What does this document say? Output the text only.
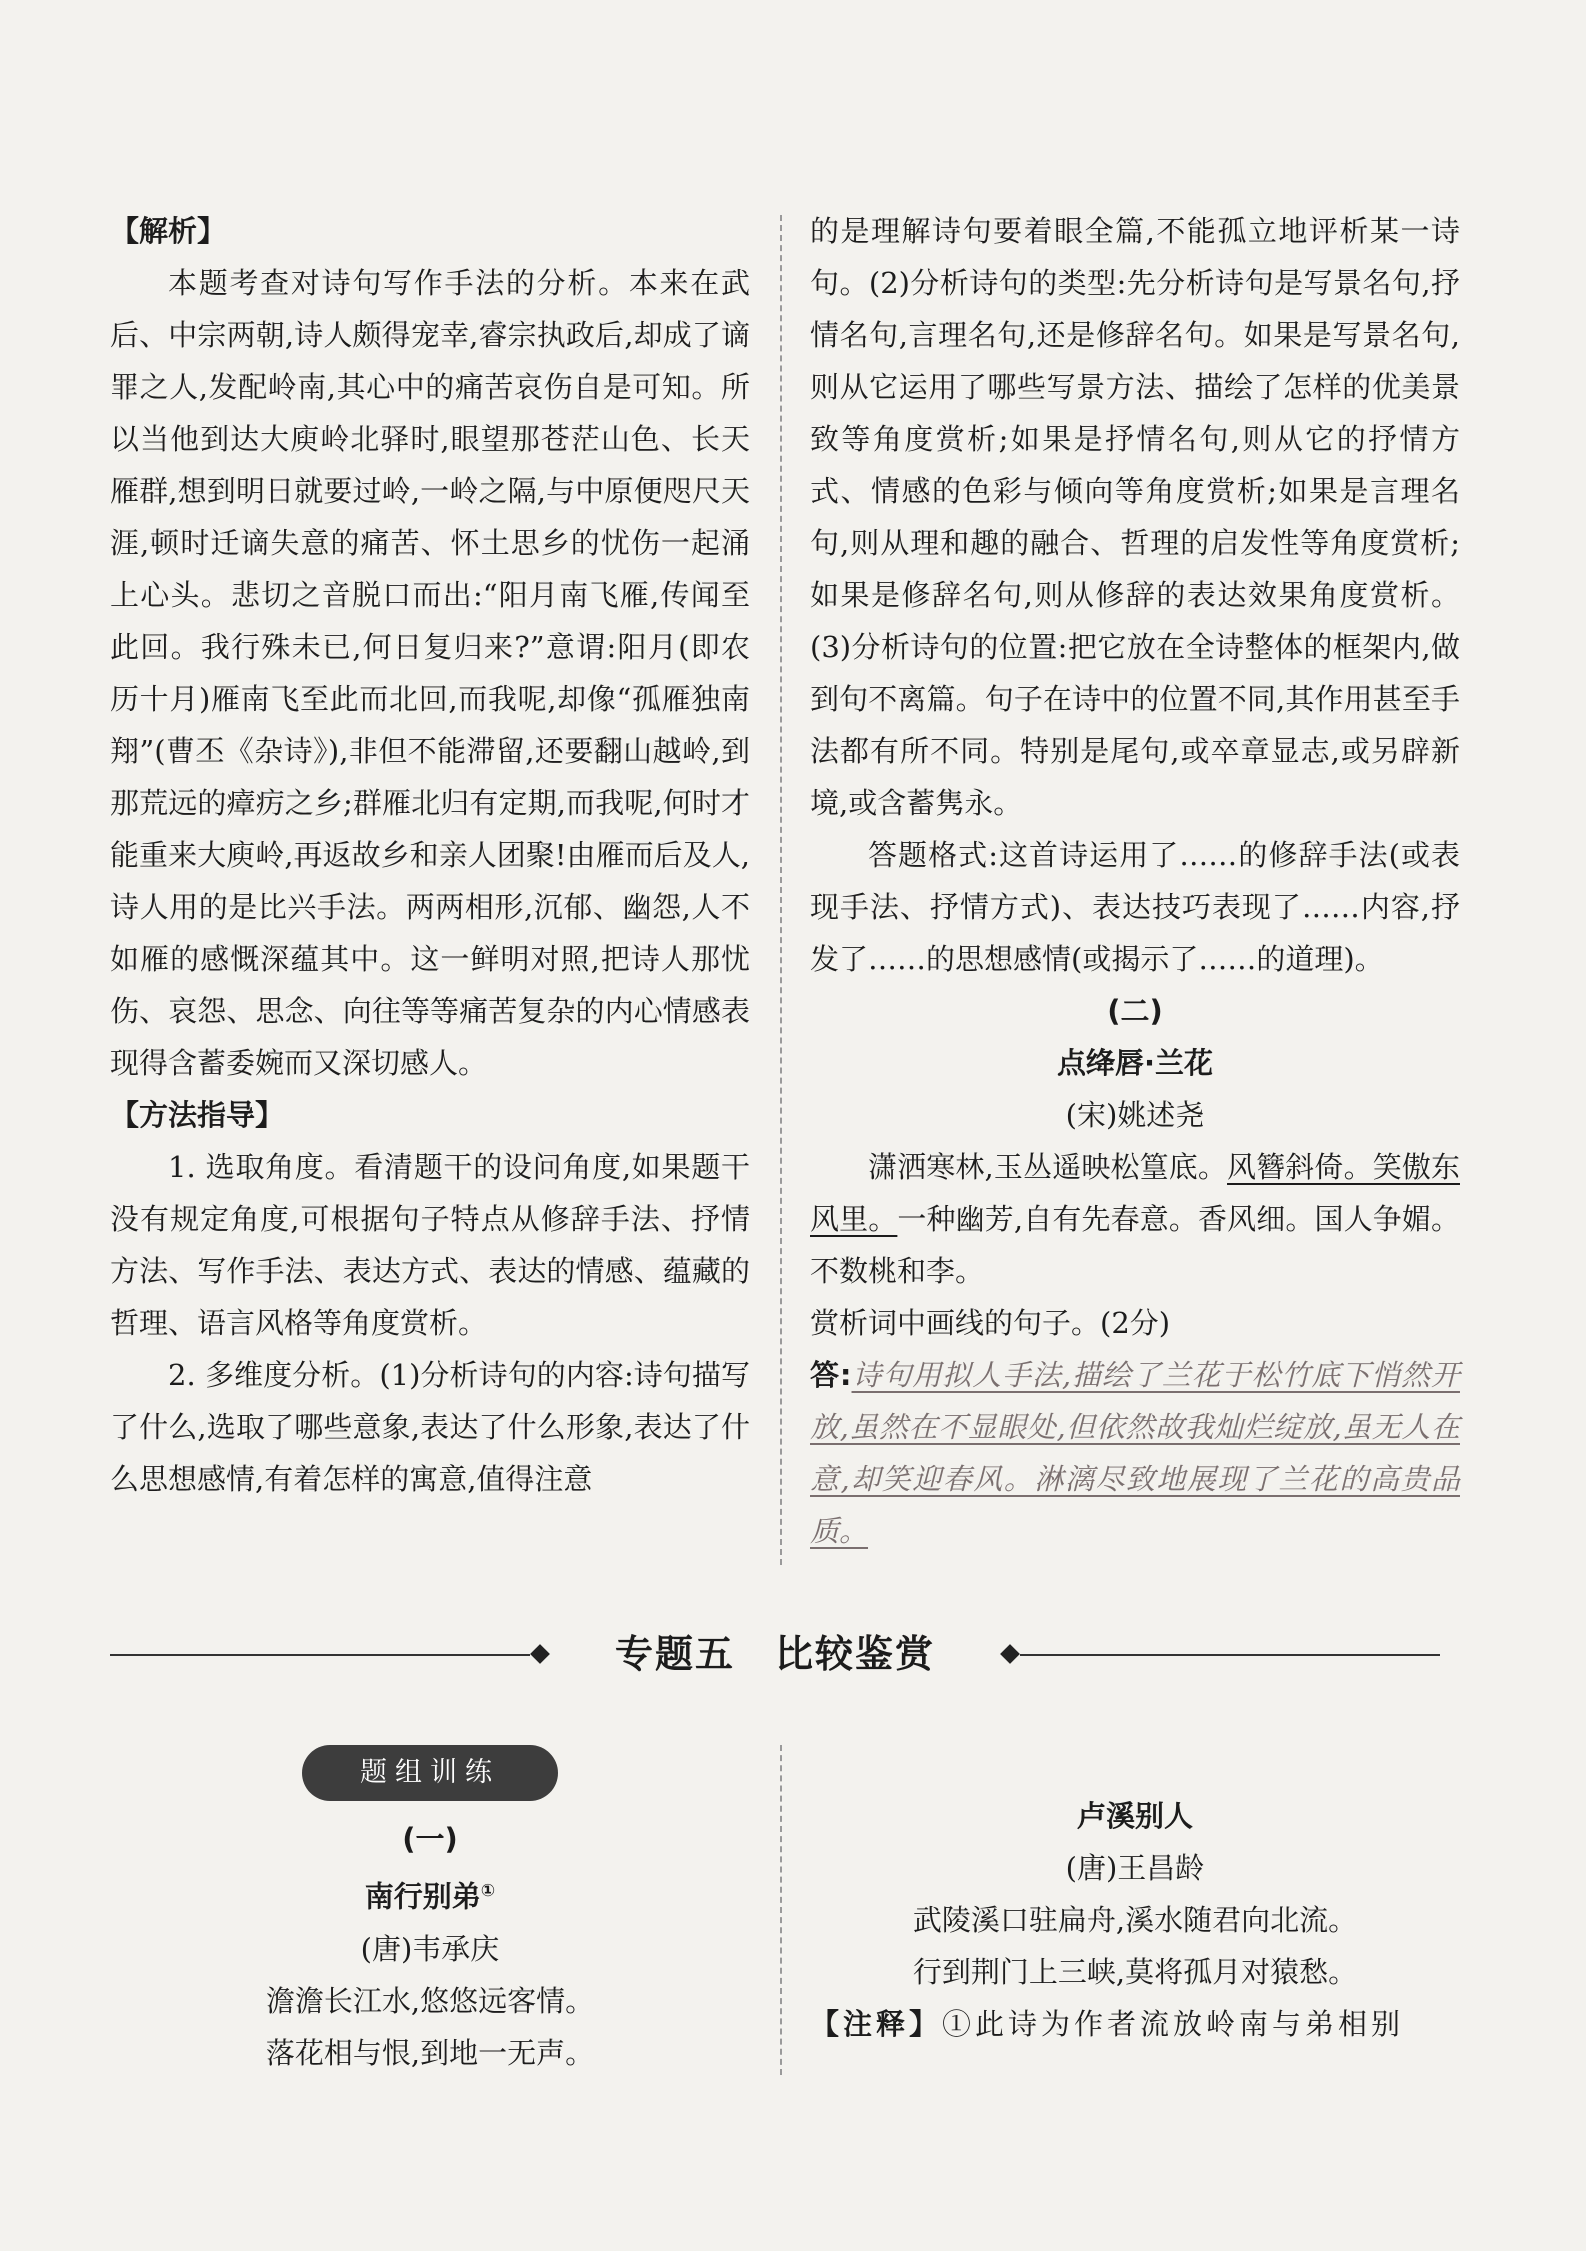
【解析】

本题考查对诗句写作手法的分析。本来在武后、中宗两朝,诗人颇得宠幸,睿宗执政后,却成了谪罪之人,发配岭南,其心中的痛苦哀伤自是可知。所以当他到达大庾岭北驿时,眼望那苍茫山色、长天雁群,想到明日就要过岭,一岭之隔,与中原便咫尺天涯,顿时迁谪失意的痛苦、怀土思乡的忧伤一起涌上心头。悲切之音脱口而出:“阳月南飞雁,传闻至此回。我行殊未已,何日复归来?”意谓:阳月(即农历十月)雁南飞至此而北回,而我呢,却像“孤雁独南翔”(曹丕《杂诗》),非但不能滞留,还要翻山越岭,到那荒远的瘴疠之乡;群雁北归有定期,而我呢,何时才能重来大庾岭,再返故乡和亲人团聚!由雁而后及人,诗人用的是比兴手法。两两相形,沉郁、幽怨,人不如雁的感慨深蕴其中。这一鲜明对照,把诗人那忧伤、哀怨、思念、向往等等痛苦复杂的内心情感表现得含蓄委婉而又深切感人。

【方法指导】

1. 选取角度。看清题干的设问角度,如果题干没有规定角度,可根据句子特点从修辞手法、抒情方法、写作手法、表达方式、表达的情感、蕴藏的哲理、语言风格等角度赏析。

2. 多维度分析。(1)分析诗句的内容:诗句描写了什么,选取了哪些意象,表达了什么形象,表达了什么思想感情,有着怎样的寓意,值得注意

的是理解诗句要着眼全篇,不能孤立地评析某一诗句。(2)分析诗句的类型:先分析诗句是写景名句,抒情名句,言理名句,还是修辞名句。如果是写景名句,则从它运用了哪些写景方法、描绘了怎样的优美景致等角度赏析;如果是抒情名句,则从它的抒情方式、情感的色彩与倾向等角度赏析;如果是言理名句,则从理和趣的融合、哲理的启发性等角度赏析;如果是修辞名句,则从修辞的表达效果角度赏析。(3)分析诗句的位置:把它放在全诗整体的框架内,做到句不离篇。句子在诗中的位置不同,其作用甚至手法都有所不同。特别是尾句,或卒章显志,或另辟新境,或含蓄隽永。

答题格式:这首诗运用了……的修辞手法(或表现手法、抒情方式)、表达技巧表现了……内容,抒发了……的思想感情(或揭示了……的道理)。

(二)

点绛唇·兰花

(宋)姚述尧

潇洒寒林,玉丛遥映松篁底。风簪斜倚。笑傲东风里。一种幽芳,自有先春意。香风细。国人争媚。不数桃和李。

赏析词中画线的句子。(2分)

答:诗句用拟人手法,描绘了兰花于松竹底下悄然开放,虽然在不显眼处,但依然故我灿烂绽放,虽无人在意,却笑迎春风。淋漓尽致地展现了兰花的高贵品质。

专题五　比较鉴赏

题组训练

(一)

南行别弟①

(唐)韦承庆

澹澹长江水,悠悠远客情。

落花相与恨,到地一无声。

卢溪别人

(唐)王昌龄

武陵溪口驻扁舟,溪水随君向北流。

行到荆门上三峡,莫将孤月对猿愁。

【注释】①此诗为作者流放岭南与弟相别
